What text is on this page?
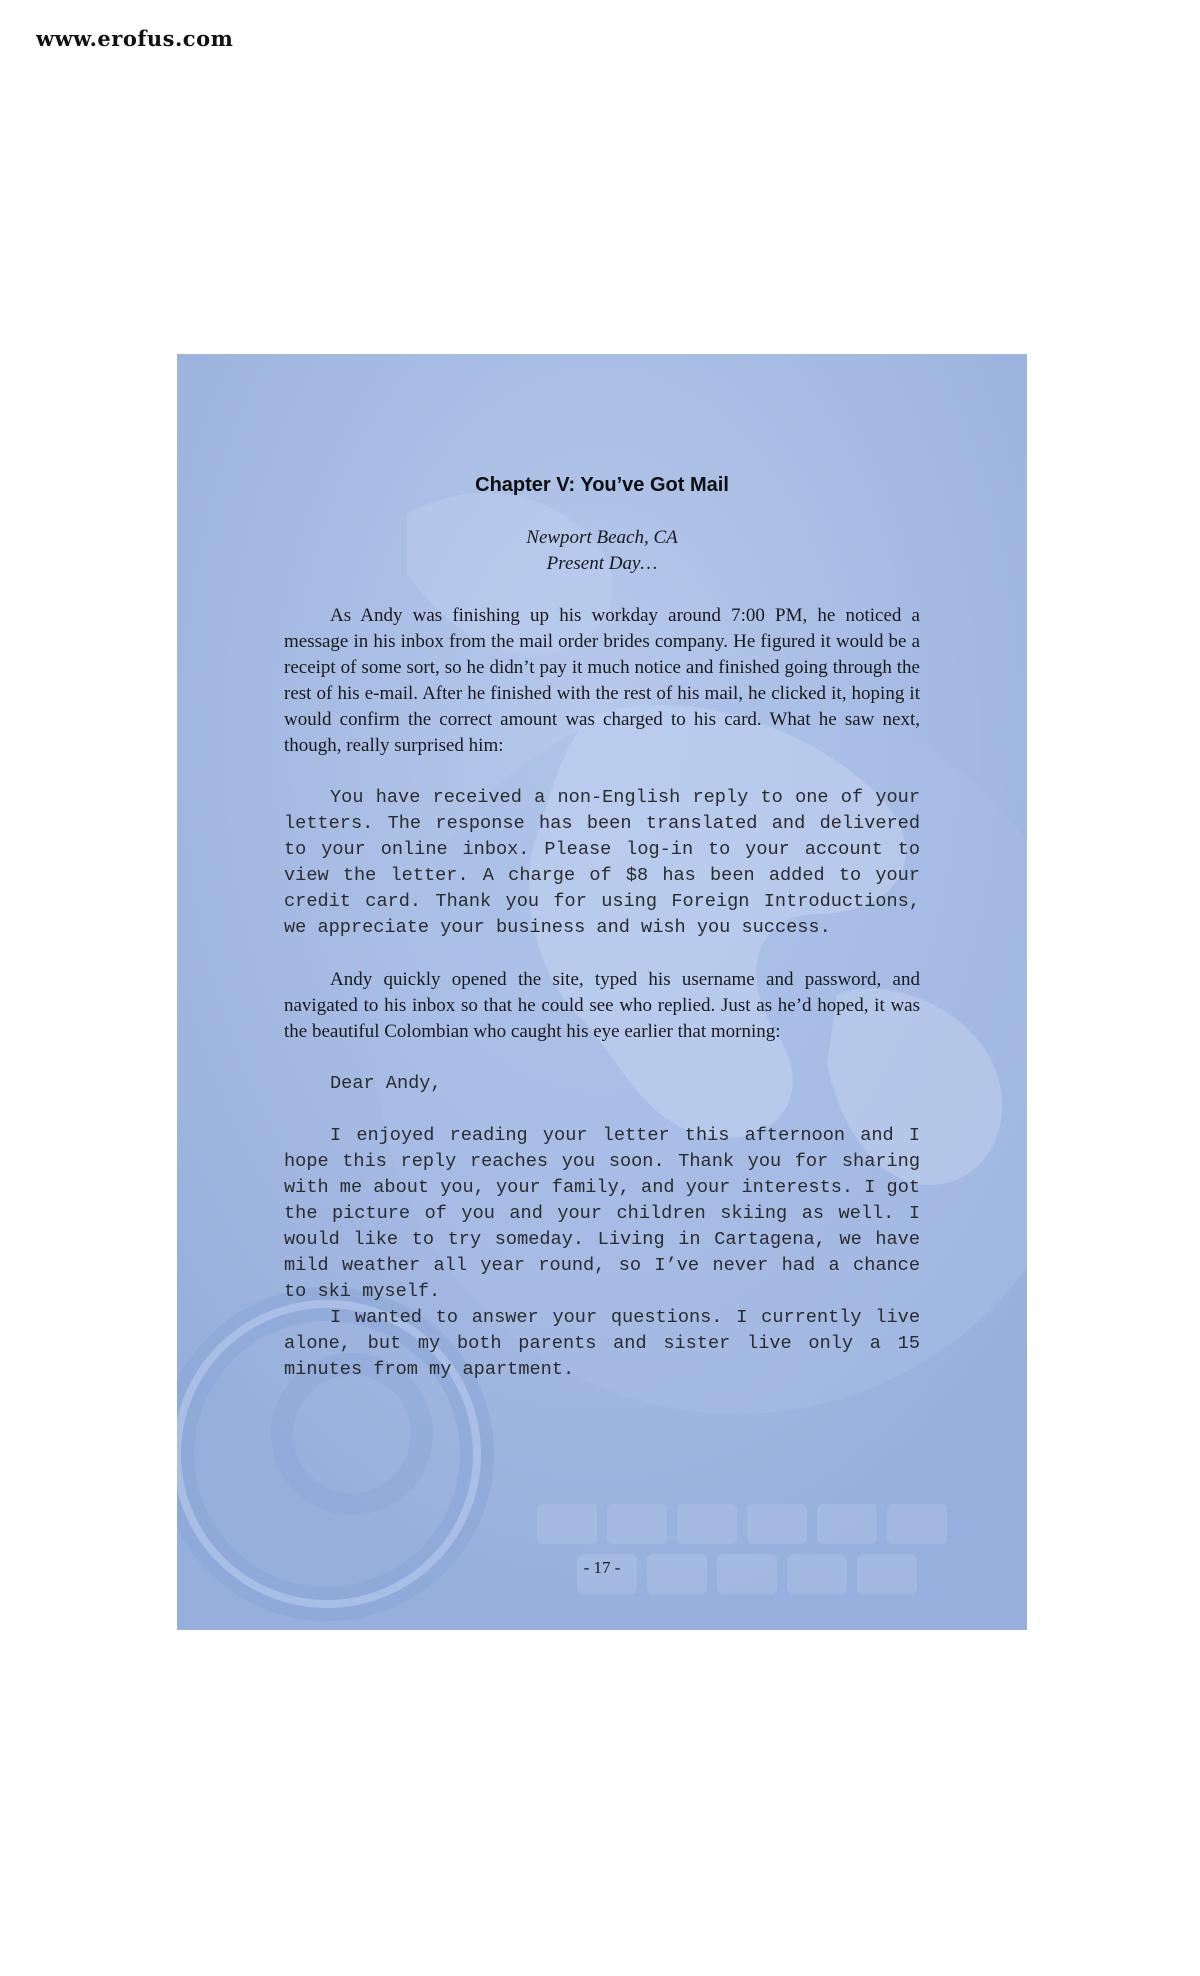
www.erofus.com
Chapter V: You’ve Got Mail
Newport Beach, CA
Present Day…

As Andy was finishing up his workday around 7:00 PM, he noticed a message in his inbox from the mail order brides company. He figured it would be a receipt of some sort, so he didn’t pay it much notice and finished going through the rest of his e-mail. After he finished with the rest of his mail, he clicked it, hoping it would confirm the correct amount was charged to his card. What he saw next, though, really surprised him:

You have received a non-English reply to one of your letters. The response has been translated and delivered to your online inbox. Please log-in to your account to view the letter. A charge of $8 has been added to your credit card. Thank you for using Foreign Introductions, we appreciate your business and wish you success.

Andy quickly opened the site, typed his username and password, and navigated to his inbox so that he could see who replied. Just as he’d hoped, it was the beautiful Colombian who caught his eye earlier that morning:

Dear Andy,

I enjoyed reading your letter this afternoon and I hope this reply reaches you soon. Thank you for sharing with me about you, your family, and your interests. I got the picture of you and your children skiing as well. I would like to try someday. Living in Cartagena, we have mild weather all year round, so I’ve never had a chance to ski myself.

I wanted to answer your questions. I currently live alone, but my both parents and sister live only a 15 minutes from my apartment.

- 17 -
